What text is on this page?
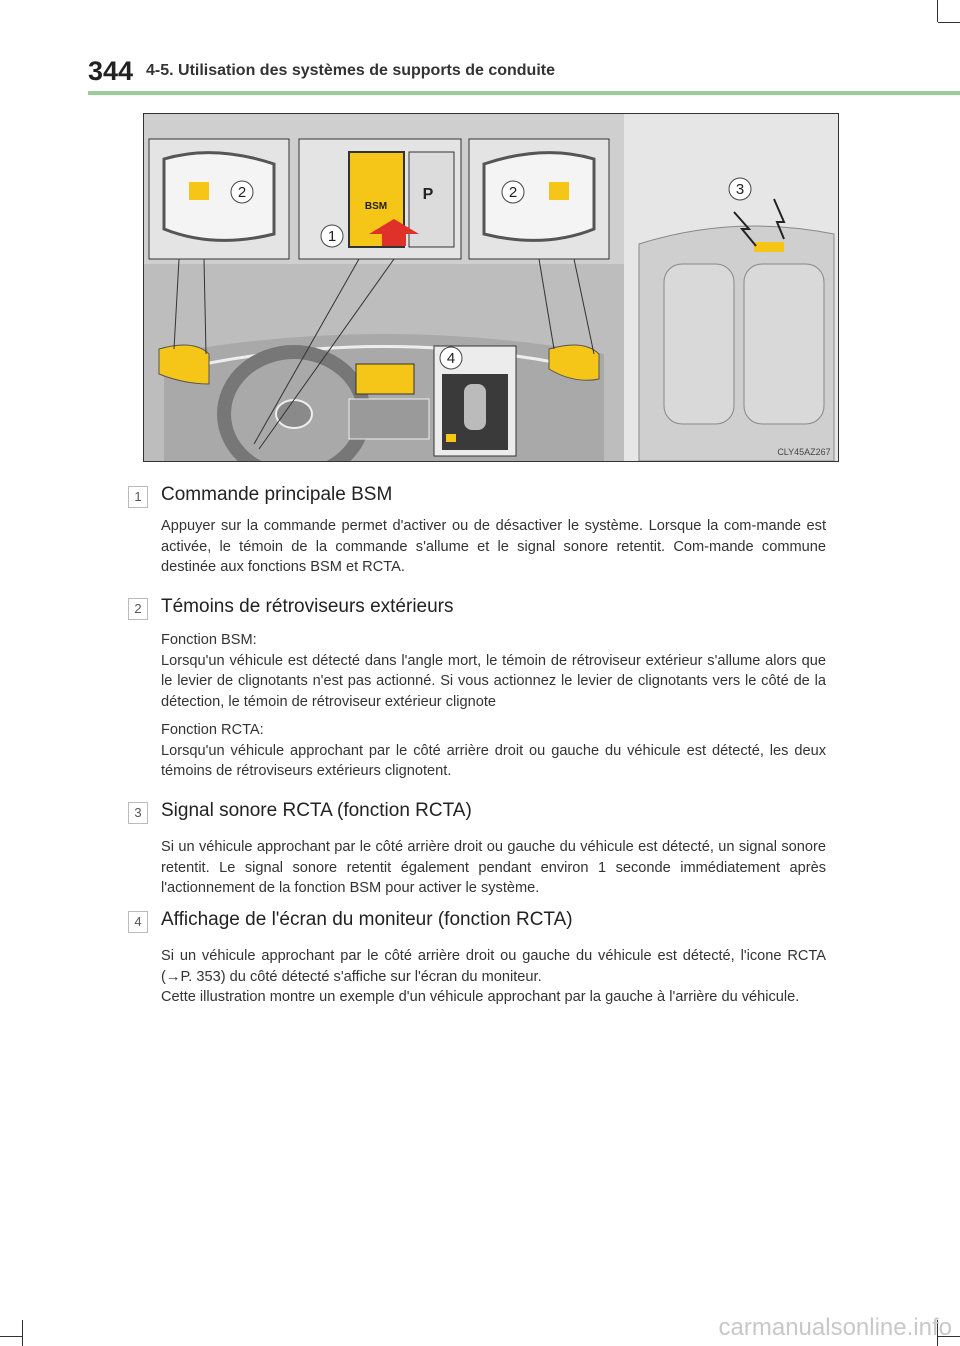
344 4-5. Utilisation des systèmes de supports de conduite
BSM
P
2
1
2	3
4
CLY45AZ267
1	Commande principale BSM

Appuyer sur la commande permet d'activer ou de désactiver le système. Lorsque la com-mande est activée, le témoin de la commande s'allume et le signal sonore retentit. Com-mande commune destinée aux fonctions BSM et RCTA.

2	Témoins de rétroviseurs extérieurs

Fonction BSM:

Lorsqu'un véhicule est détecté dans l'angle mort, le témoin de rétroviseur extérieur s'allume alors que le levier de clignotants n'est pas actionné. Si vous actionnez le levier de clignotants vers le côté de la détection, le témoin de rétroviseur extérieur clignote

Fonction RCTA:

Lorsqu'un véhicule approchant par le côté arrière droit ou gauche du véhicule est détecté, les deux témoins de rétroviseurs extérieurs clignotent.

3	Signal sonore RCTA (fonction RCTA)

Si un véhicule approchant par le côté arrière droit ou gauche du véhicule est détecté, un signal sonore retentit. Le signal sonore retentit également pendant environ 1 seconde immédiatement après l'actionnement de la fonction BSM pour activer le système.

4	Affichage de l'écran du moniteur (fonction RCTA)

Si un véhicule approchant par le côté arrière droit ou gauche du véhicule est détecté, l'icone RCTA (→P. 353) du côté détecté s'affiche sur l'écran du moniteur.

Cette illustration montre un exemple d'un véhicule approchant par la gauche à l'arrière du véhicule.

carmanualsonline.info
